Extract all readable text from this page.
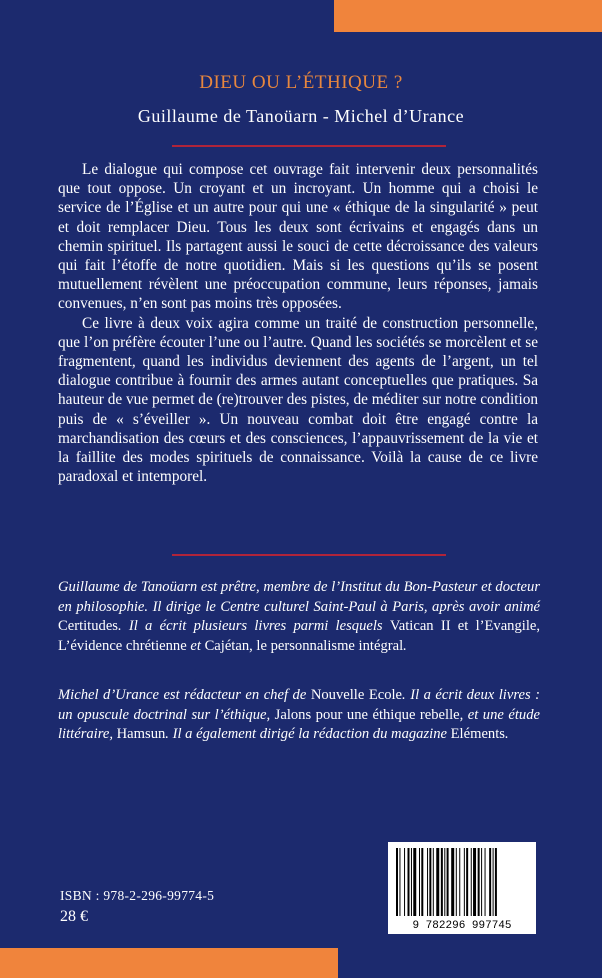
DIEU OU L’ÉTHIQUE ?
Guillaume de Tanoüarn - Michel d’Urance

Le dialogue qui compose cet ouvrage fait intervenir deux personnalités que tout oppose. Un croyant et un incroyant. Un homme qui a choisi le service de l’Église et un autre pour qui une « éthique de la singularité » peut et doit remplacer Dieu. Tous les deux sont écrivains et engagés dans un chemin spirituel. Ils partagent aussi le souci de cette décroissance des valeurs qui fait l’étoffe de notre quotidien. Mais si les questions qu’ils se posent mutuellement révèlent une préoccupation commune, leurs réponses, jamais convenues, n’en sont pas moins très opposées.

Ce livre à deux voix agira comme un traité de construction personnelle, que l’on préfère écouter l’une ou l’autre. Quand les sociétés se morcèlent et se fragmentent, quand les individus deviennent des agents de l’argent, un tel dialogue contribue à fournir des armes autant conceptuelles que pratiques. Sa hauteur de vue permet de (re)trouver des pistes, de méditer sur notre condition puis de « s’éveiller ». Un nouveau combat doit être engagé contre la marchandisation des cœurs et des consciences, l’appauvrissement de la vie et la faillite des modes spirituels de connaissance. Voilà la cause de ce livre paradoxal et intemporel.

Guillaume de Tanoüarn est prêtre, membre de l’Institut du Bon-Pasteur et docteur en philosophie. Il dirige le Centre culturel Saint-Paul à Paris, après avoir animé Certitudes. Il a écrit plusieurs livres parmi lesquels Vatican II et l’Evangile, L’évidence chrétienne et Cajétan, le personnalisme intégral.
Michel d’Urance est rédacteur en chef de Nouvelle Ecole. Il a écrit deux livres : un opuscule doctrinal sur l’éthique, Jalons pour une éthique rebelle, et une étude littéraire, Hamsun. Il a également dirigé la rédaction du magazine Eléments.
ISBN : 978-2-296-99774-5
28 €
9 782296 997745
